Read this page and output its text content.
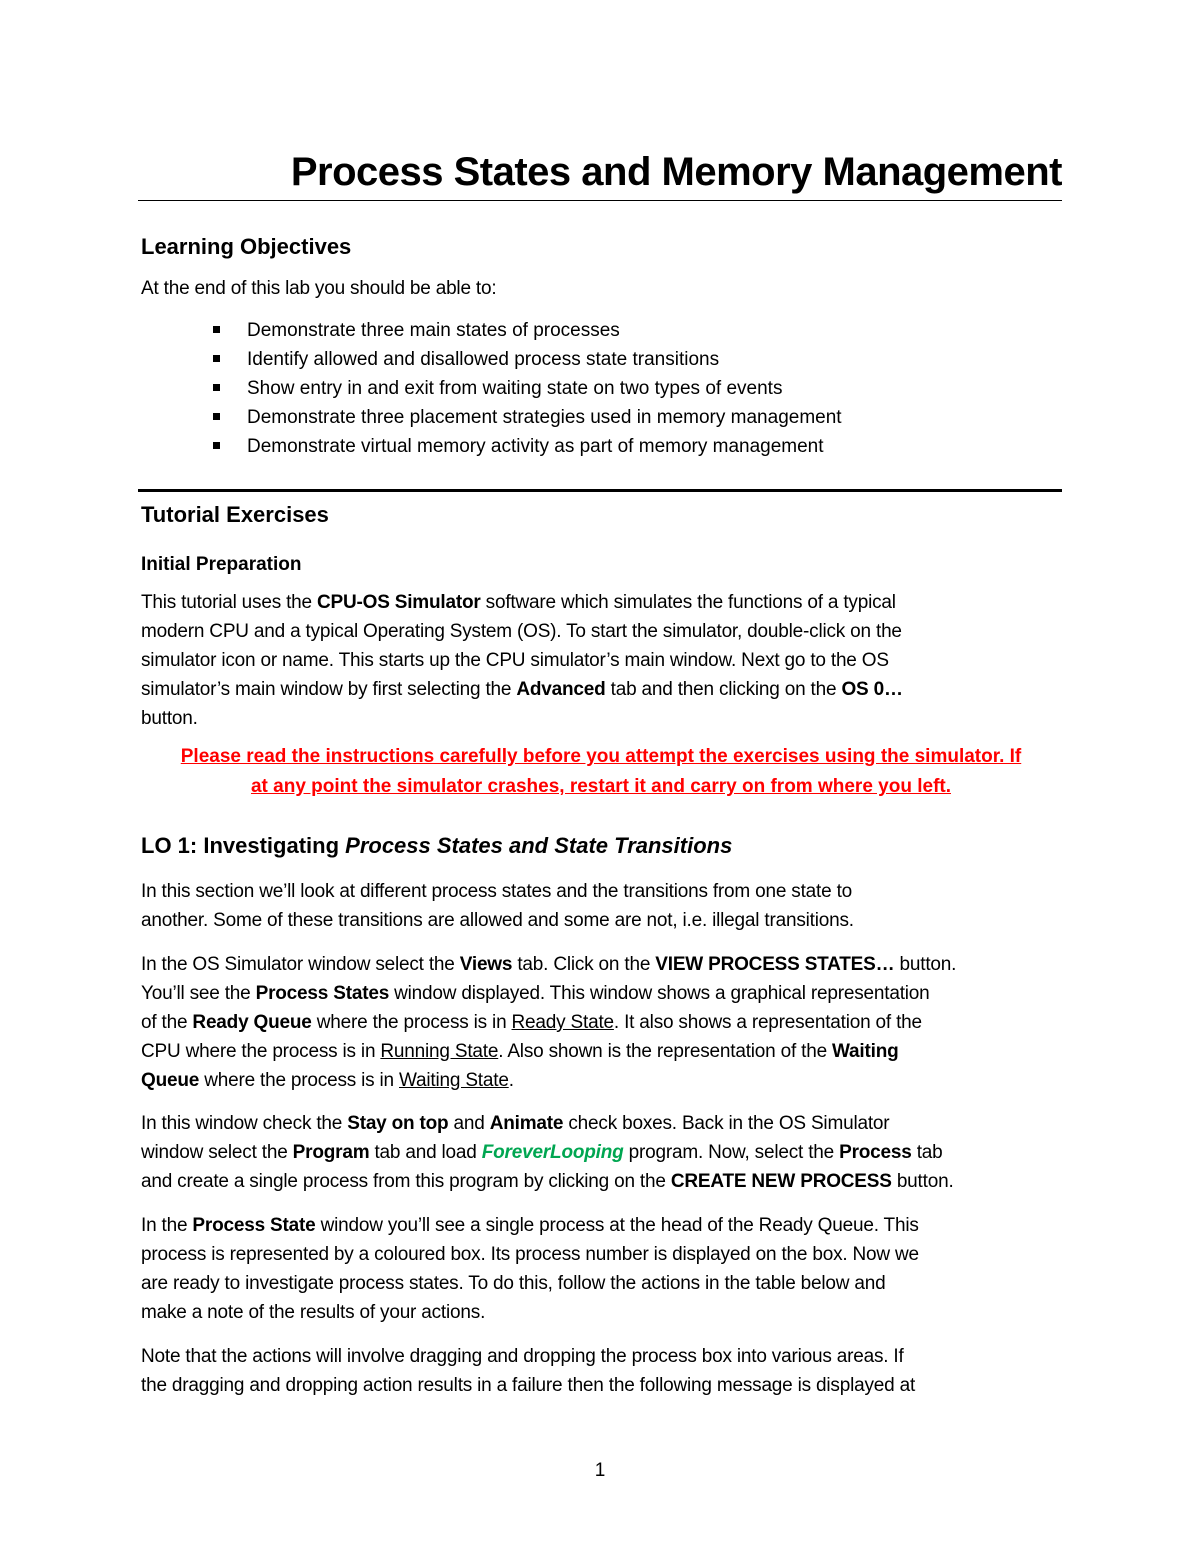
Process States and Memory Management
Learning Objectives
At the end of this lab you should be able to:
Demonstrate three main states of processes
Identify allowed and disallowed process state transitions
Show entry in and exit from waiting state on two types of events
Demonstrate three placement strategies used in memory management
Demonstrate virtual memory activity as part of memory management
Tutorial Exercises
Initial Preparation
This tutorial uses the CPU-OS Simulator software which simulates the functions of a typical
modern CPU and a typical Operating System (OS). To start the simulator, double-click on the
simulator icon or name. This starts up the CPU simulator’s main window. Next go to the OS
simulator’s main window by first selecting the Advanced tab and then clicking on the OS 0…
button.
Please read the instructions carefully before you attempt the exercises using the simulator. If
at any point the simulator crashes, restart it and carry on from where you left.
LO 1: Investigating Process States and State Transitions
In this section we’ll look at different process states and the transitions from one state to
another. Some of these transitions are allowed and some are not, i.e. illegal transitions.
In the OS Simulator window select the Views tab. Click on the VIEW PROCESS STATES… button.
You’ll see the Process States window displayed. This window shows a graphical representation
of the Ready Queue where the process is in Ready State. It also shows a representation of the
CPU where the process is in Running State. Also shown is the representation of the Waiting
Queue where the process is in Waiting State.
In this window check the Stay on top and Animate check boxes. Back in the OS Simulator
window select the Program tab and load ForeverLooping program. Now, select the Process tab
and create a single process from this program by clicking on the CREATE NEW PROCESS button.
In the Process State window you’ll see a single process at the head of the Ready Queue. This
process is represented by a coloured box. Its process number is displayed on the box. Now we
are ready to investigate process states. To do this, follow the actions in the table below and
make a note of the results of your actions.
Note that the actions will involve dragging and dropping the process box into various areas. If
the dragging and dropping action results in a failure then the following message is displayed at
1
